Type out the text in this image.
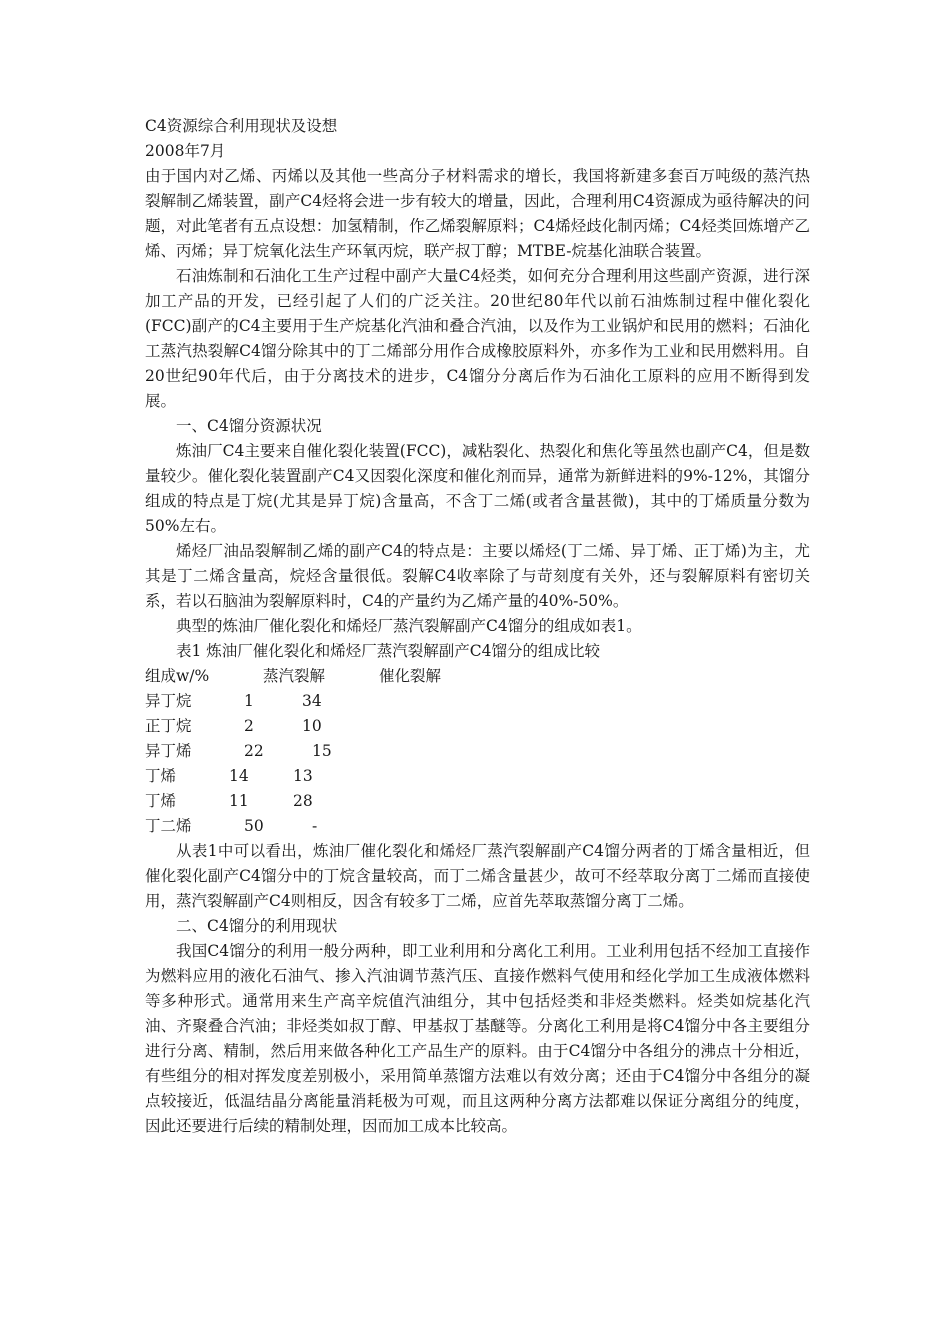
C4资源综合利用现状及设想
2008年7月

由于国内对乙烯、丙烯以及其他一些高分子材料需求的增长，我国将新建多套百万吨级的蒸汽热裂解制乙烯装置，副产C4烃将会进一步有较大的增量，因此，合理利用C4资源成为亟待解决的问题，对此笔者有五点设想：加氢精制，作乙烯裂解原料；C4烯烃歧化制丙烯；C4烃类回炼增产乙烯、丙烯；异丁烷氧化法生产环氧丙烷，联产叔丁醇；MTBE-烷基化油联合装置。

石油炼制和石油化工生产过程中副产大量C4烃类，如何充分合理利用这些副产资源，进行深加工产品的开发，已经引起了人们的广泛关注。20世纪80年代以前石油炼制过程中催化裂化(FCC)副产的C4主要用于生产烷基化汽油和叠合汽油，以及作为工业锅炉和民用的燃料；石油化工蒸汽热裂解C4馏分除其中的丁二烯部分用作合成橡胶原料外，亦多作为工业和民用燃料用。自20世纪90年代后，由于分离技术的进步，C4馏分分离后作为石油化工原料的应用不断得到发展。

一、C4馏分资源状况

炼油厂C4主要来自催化裂化装置(FCC)，减粘裂化、热裂化和焦化等虽然也副产C4，但是数量较少。催化裂化装置副产C4又因裂化深度和催化剂而异，通常为新鲜进料的9%-12%，其馏分组成的特点是丁烷(尤其是异丁烷)含量高，不含丁二烯(或者含量甚微)，其中的丁烯质量分数为50%左右。

烯烃厂油品裂解制乙烯的副产C4的特点是：主要以烯烃(丁二烯、异丁烯、正丁烯)为主，尤其是丁二烯含量高，烷烃含量很低。裂解C4收率除了与苛刻度有关外，还与裂解原料有密切关系，若以石脑油为裂解原料时，C4的产量约为乙烯产量的40%-50%。

典型的炼油厂催化裂化和烯烃厂蒸汽裂解副产C4馏分的组成如表1。

表1 炼油厂催化裂化和烯烃厂蒸汽裂解副产C4馏分的组成比较
组成w/%	蒸汽裂解	催化裂解
异丁烷	1	34
正丁烷	2	10
异丁烯	22	15
丁烯	14	13
丁烯	11	28
丁二烯	50	-

从表1中可以看出，炼油厂催化裂化和烯烃厂蒸汽裂解副产C4馏分两者的丁烯含量相近，但催化裂化副产C4馏分中的丁烷含量较高，而丁二烯含量甚少，故可不经萃取分离丁二烯而直接使用，蒸汽裂解副产C4则相反，因含有较多丁二烯，应首先萃取蒸馏分离丁二烯。

二、C4馏分的利用现状

我国C4馏分的利用一般分两种，即工业利用和分离化工利用。工业利用包括不经加工直接作为燃料应用的液化石油气、掺入汽油调节蒸汽压、直接作燃料气使用和经化学加工生成液体燃料等多种形式。通常用来生产高辛烷值汽油组分，其中包括烃类和非烃类燃料。烃类如烷基化汽油、齐聚叠合汽油；非烃类如叔丁醇、甲基叔丁基醚等。分离化工利用是将C4馏分中各主要组分进行分离、精制，然后用来做各种化工产品生产的原料。由于C4馏分中各组分的沸点十分相近，有些组分的相对挥发度差别极小，采用简单蒸馏方法难以有效分离；还由于C4馏分中各组分的凝点较接近，低温结晶分离能量消耗极为可观，而且这两种分离方法都难以保证分离组分的纯度，因此还要进行后续的精制处理，因而加工成本比较高。
